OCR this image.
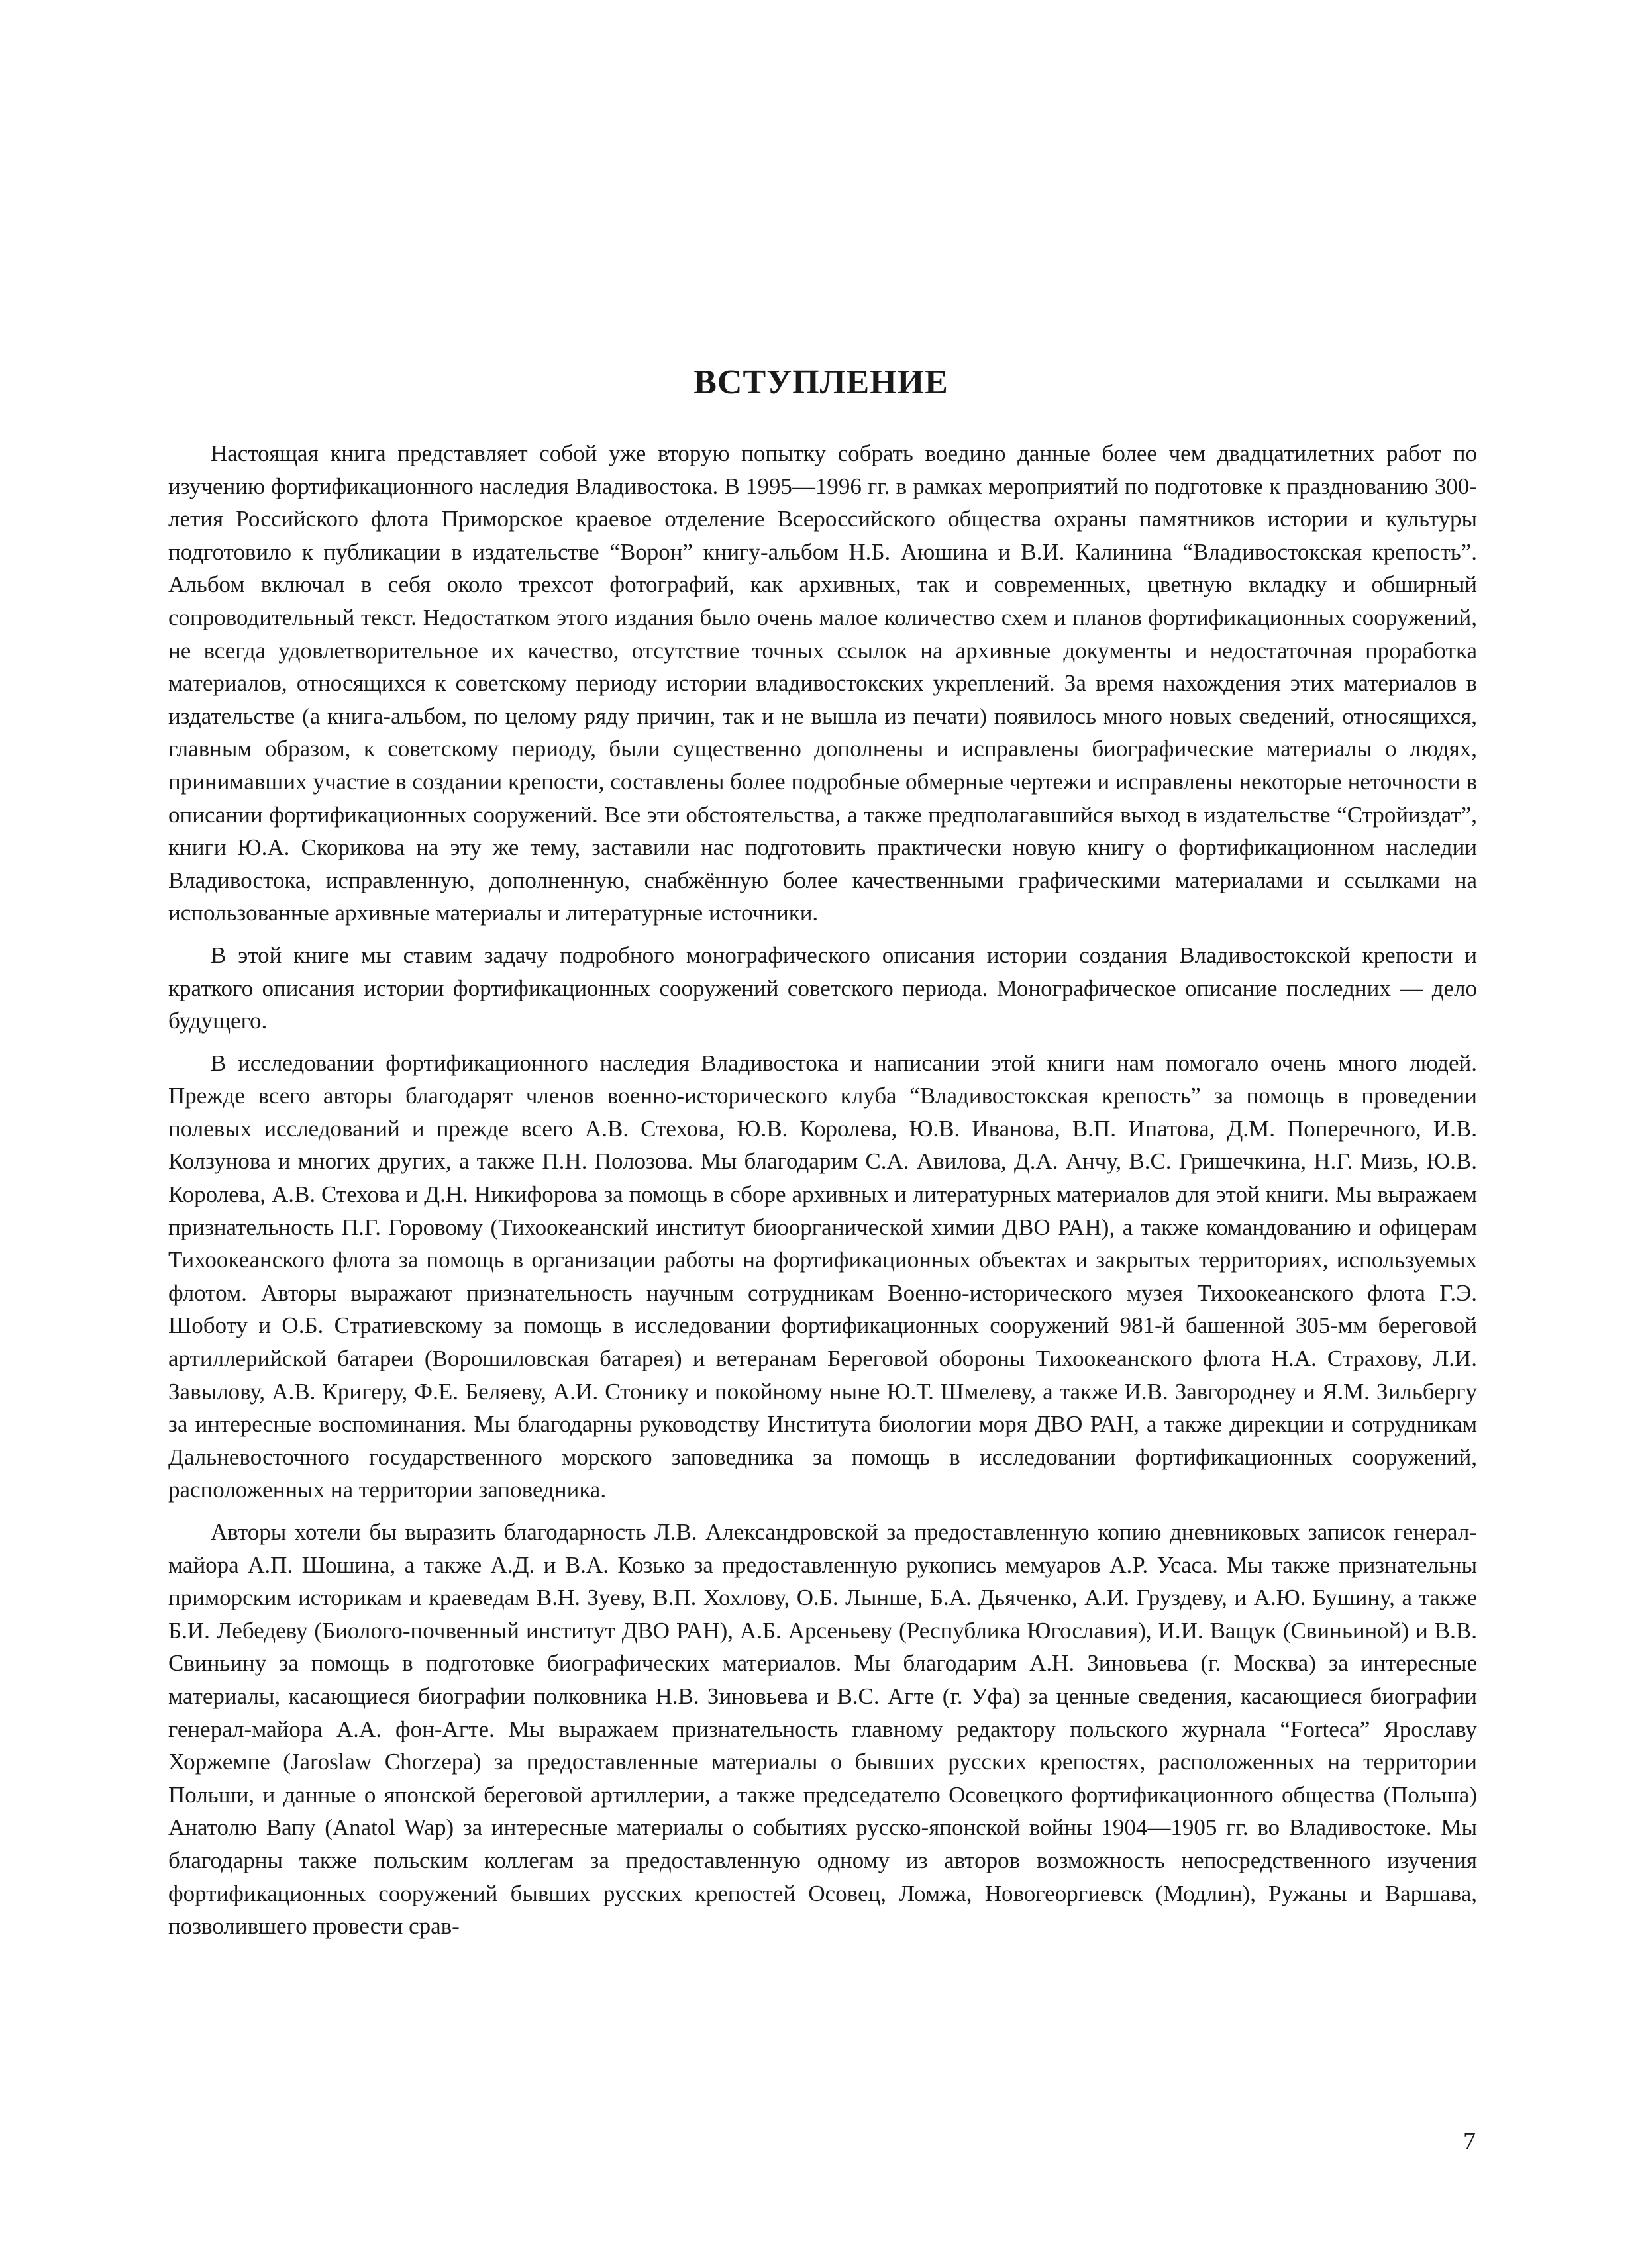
ВСТУПЛЕНИЕ

Настоящая книга представляет собой уже вторую попытку собрать воедино данные более чем двадцатилетних работ по изучению фортификационного наследия Владивостока. В 1995—1996 гг. в рамках мероприятий по подготовке к празднованию 300-летия Российского флота Приморское краевое отделение Всероссийского общества охраны памятников истории и культуры подготовило к публикации в издательстве “Ворон” книгу-альбом Н.Б. Аюшина и В.И. Калинина “Владивостокская крепость”. Альбом включал в себя около трехсот фотографий, как архивных, так и современных, цветную вкладку и обширный сопроводительный текст. Недостатком этого издания было очень малое количество схем и планов фортификационных сооружений, не всегда удовлетворительное их качество, отсутствие точных ссылок на архивные документы и недостаточная проработка материалов, относящихся к советскому периоду истории владивостокских укреплений. За время нахождения этих материалов в издательстве (а книга-альбом, по целому ряду причин, так и не вышла из печати) появилось много новых сведений, относящихся, главным образом, к советскому периоду, были существенно дополнены и исправлены биографические материалы о людях, принимавших участие в создании крепости, составлены более подробные обмерные чертежи и исправлены некоторые неточности в описании фортификационных сооружений. Все эти обстоятельства, а также предполагавшийся выход в издательстве “Стройиздат”, книги Ю.А. Скорикова на эту же тему, заставили нас подготовить практически новую книгу о фортификационном наследии Владивостока, исправленную, дополненную, снабжённую более качественными графическими материалами и ссылками на использованные архивные материалы и литературные источники.

В этой книге мы ставим задачу подробного монографического описания истории создания Владивостокской крепости и краткого описания истории фортификационных сооружений советского периода. Монографическое описание последних — дело будущего.

В исследовании фортификационного наследия Владивостока и написании этой книги нам помогало очень много людей. Прежде всего авторы благодарят членов военно-исторического клуба “Владивостокская крепость” за помощь в проведении полевых исследований и прежде всего А.В. Стехова, Ю.В. Королева, Ю.В. Иванова, В.П. Ипатова, Д.М. Поперечного, И.В. Колзунова и многих других, а также П.Н. Полозова. Мы благодарим С.А. Авилова, Д.А. Анчу, В.С. Гришечкина, Н.Г. Мизь, Ю.В. Королева, А.В. Стехова и Д.Н. Никифорова за помощь в сборе архивных и литературных материалов для этой книги. Мы выражаем признательность П.Г. Горовому (Тихоокеанский институт биоорганической химии ДВО РАН), а также командованию и офицерам Тихоокеанского флота за помощь в организации работы на фортификационных объектах и закрытых территориях, используемых флотом. Авторы выражают признательность научным сотрудникам Военно-исторического музея Тихоокеанского флота Г.Э. Шоботу и О.Б. Стратиевскому за помощь в исследовании фортификационных сооружений 981-й башенной 305-мм береговой артиллерийской батареи (Ворошиловская батарея) и ветеранам Береговой обороны Тихоокеанского флота Н.А. Страхову, Л.И. Завылову, А.В. Кригеру, Ф.Е. Беляеву, А.И. Стонику и покойному ныне Ю.Т. Шмелеву, а также И.В. Завгороднеу и Я.М. Зильбергу за интересные воспоминания. Мы благодарны руководству Института биологии моря ДВО РАН, а также дирекции и сотрудникам Дальневосточного государственного морского заповедника за помощь в исследовании фортификационных сооружений, расположенных на территории заповедника.

Авторы хотели бы выразить благодарность Л.В. Александровской за предоставленную копию дневниковых записок генерал-майора А.П. Шошина, а также А.Д. и В.А. Козько за предоставленную рукопись мемуаров А.Р. Усаса. Мы также признательны приморским историкам и краеведам В.Н. Зуеву, В.П. Хохлову, О.Б. Лынше, Б.А. Дьяченко, А.И. Груздеву, и А.Ю. Бушину, а также Б.И. Лебедеву (Биолого-почвенный институт ДВО РАН), А.Б. Арсеньеву (Республика Югославия), И.И. Ващук (Свиньиной) и В.В. Свиньину за помощь в подготовке биографических материалов. Мы благодарим А.Н. Зиновьева (г. Москва) за интересные материалы, касающиеся биографии полковника Н.В. Зиновьева и В.С. Агте (г. Уфа) за ценные сведения, касающиеся биографии генерал-майора А.А. фон-Агте. Мы выражаем признательность главному редактору польского журнала “Forteca” Ярославу Хоржемпе (Jaroslaw Chorzepa) за предоставленные материалы о бывших русских крепостях, расположенных на территории Польши, и данные о японской береговой артиллерии, а также председателю Осовецкого фортификационного общества (Польша) Анатолю Вапу (Anatol Wap) за интересные материалы о событиях русско-японской войны 1904—1905 гг. во Владивостоке. Мы благодарны также польским коллегам за предоставленную одному из авторов возможность непосредственного изучения фортификационных сооружений бывших русских крепостей Осовец, Ломжа, Новогеоргиевск (Модлин), Ружаны и Варшава, позволившего провести срав-

7
